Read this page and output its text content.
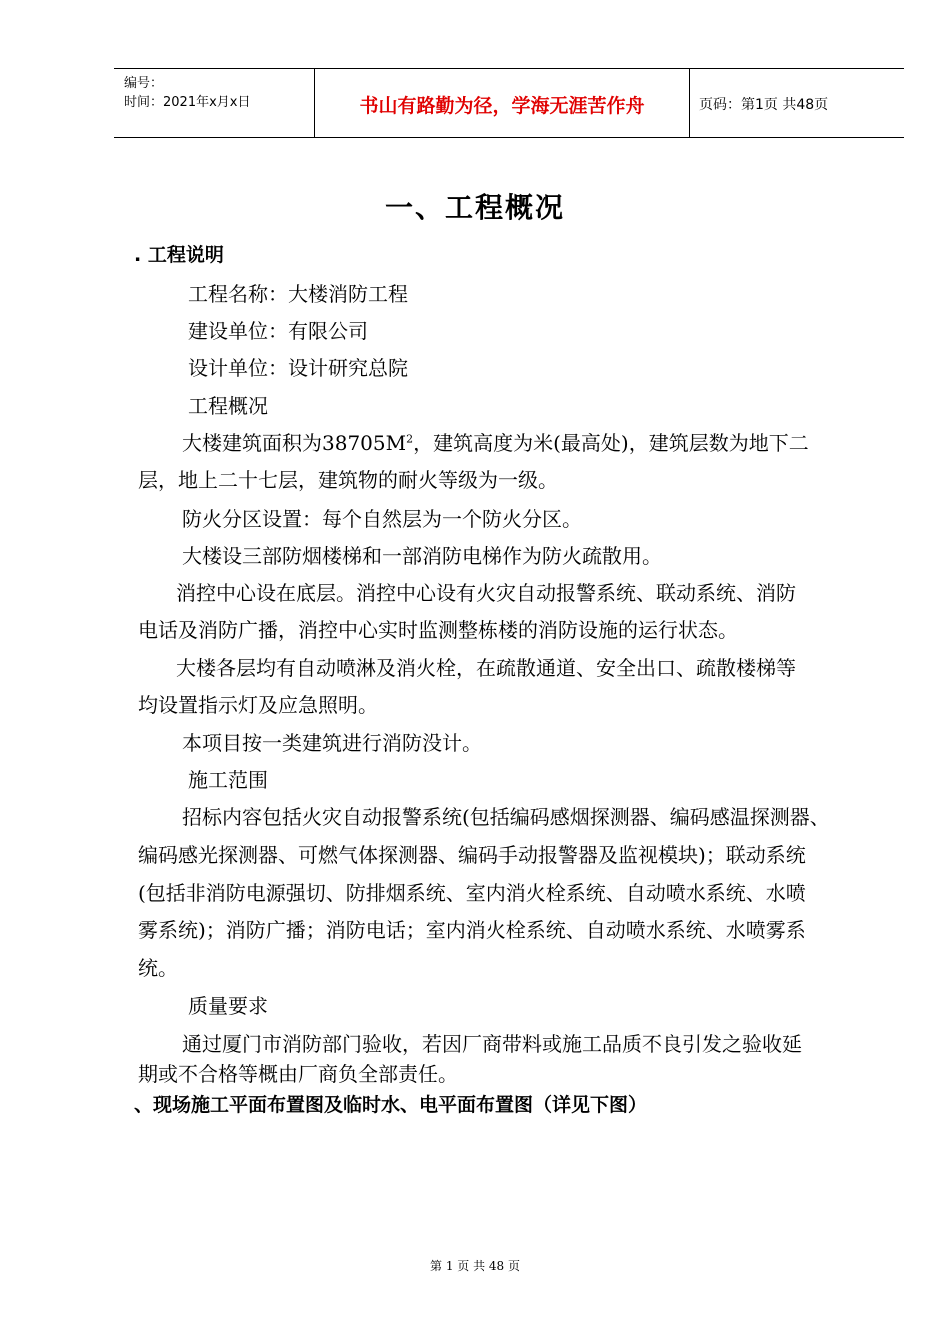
编号：
时间：2021年x月x日	书山有路勤为径，学海无涯苦作舟	页码：第1页 共48页
一、工程概况
. 工程说明
工程名称：大楼消防工程
建设单位：有限公司
设计单位：设计研究总院
工程概况
大楼建筑面积为$38705M^2$，建筑高度为米(最高处)，建筑层数为地下二
层，地上二十七层，建筑物的耐火等级为一级。
防火分区设置：每个自然层为一个防火分区。
大楼设三部防烟楼梯和一部消防电梯作为防火疏散用。
消控中心设在底层。消控中心设有火灾自动报警系统、联动系统、消防
电话及消防广播，消控中心实时监测整栋楼的消防设施的运行状态。
大楼各层均有自动喷淋及消火栓，在疏散通道、安全出口、疏散楼梯等
均设置指示灯及应急照明。
本项目按一类建筑进行消防没计。
施工范围
招标内容包括火灾自动报警系统(包括编码感烟探测器、编码感温探测器、
编码感光探测器、可燃气体探测器、编码手动报警器及监视模块)；联动系统
(包括非消防电源强切、防排烟系统、室内消火栓系统、自动喷水系统、水喷
雾系统)；消防广播；消防电话；室内消火栓系统、自动喷水系统、水喷雾系
统。
质量要求
通过厦门市消防部门验收，若因厂商带料或施工品质不良引发之验收延
期或不合格等概由厂商负全部责任。
、现场施工平面布置图及临时水、电平面布置图（详见下图）
第 1 页 共 48 页
